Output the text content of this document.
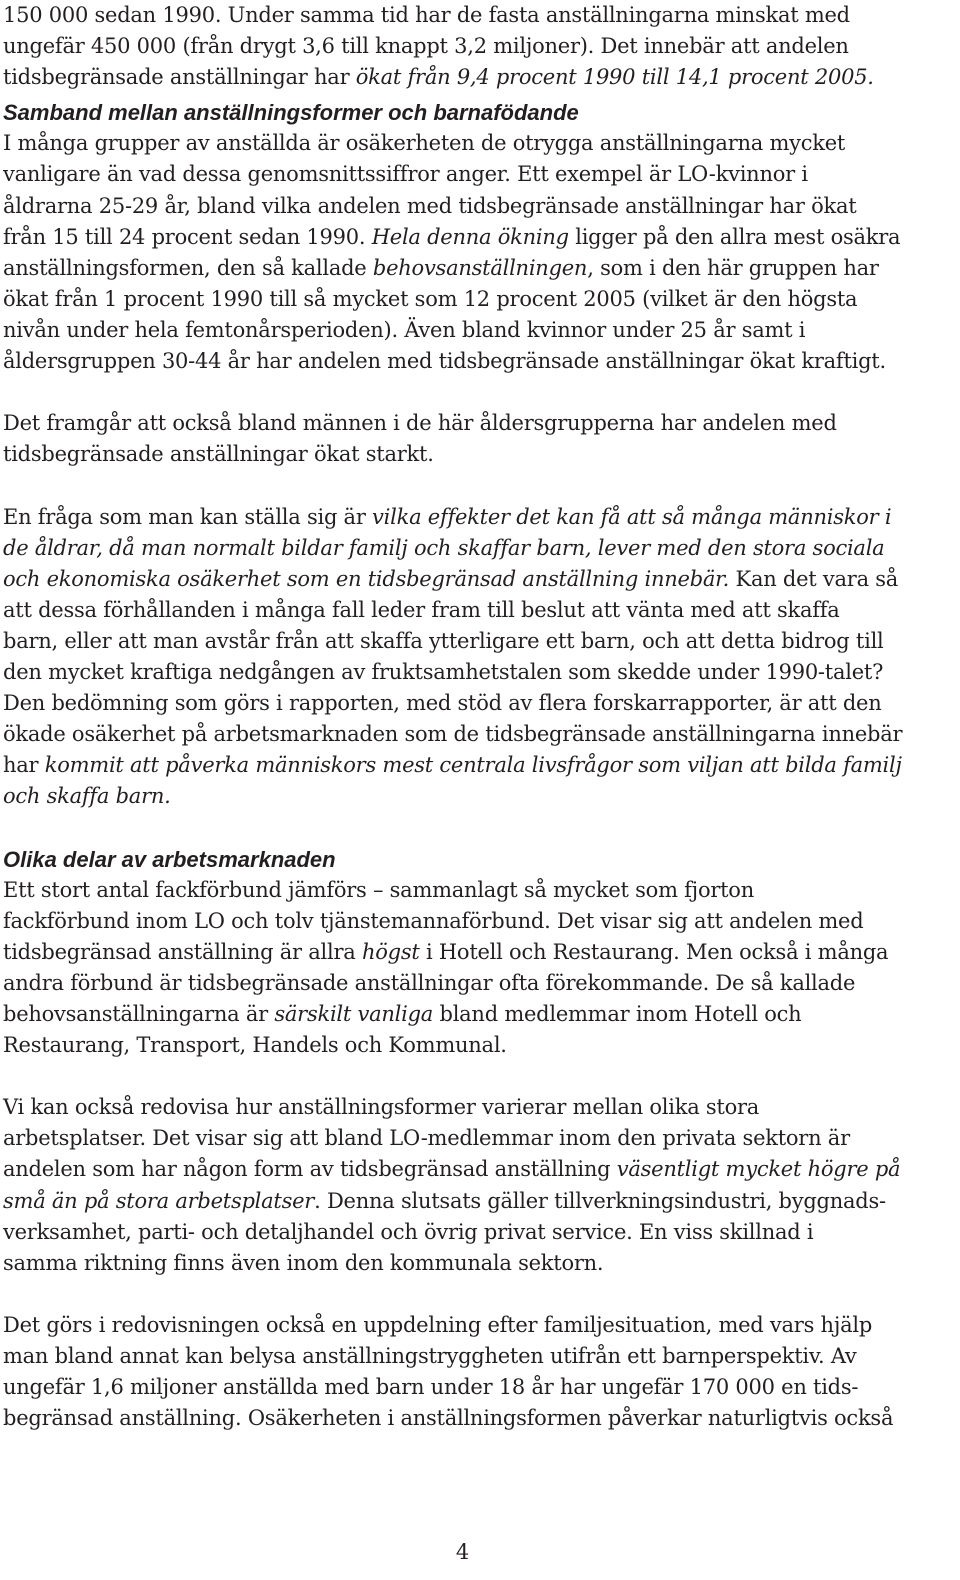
150 000 sedan 1990. Under samma tid har de fasta anställningarna minskat med
ungefär 450 000 (från drygt 3,6 till knappt 3,2 miljoner). Det innebär att andelen
tidsbegränsade anställningar har ökat från 9,4 procent 1990 till 14,1 procent 2005.
Samband mellan anställningsformer och barnafödande
I många grupper av anställda är osäkerheten de otrygga anställningarna mycket
vanligare än vad dessa genomsnittssiffror anger. Ett exempel är LO-kvinnor i
åldrarna 25-29 år, bland vilka andelen med tidsbegränsade anställningar har ökat
från 15 till 24 procent sedan 1990. Hela denna ökning ligger på den allra mest osäkra
anställningsformen, den så kallade behovsanställningen, som i den här gruppen har
ökat från 1 procent 1990 till så mycket som 12 procent 2005 (vilket är den högsta
nivån under hela femtonårsperioden). Även bland kvinnor under 25 år samt i
åldersgruppen 30-44 år har andelen med tidsbegränsade anställningar ökat kraftigt.
Det framgår att också bland männen i de här åldersgrupperna har andelen med
tidsbegränsade anställningar ökat starkt.
En fråga som man kan ställa sig är vilka effekter det kan få att så många människor i
de åldrar, då man normalt bildar familj och skaffar barn, lever med den stora sociala
och ekonomiska osäkerhet som en tidsbegränsad anställning innebär. Kan det vara så
att dessa förhållanden i många fall leder fram till beslut att vänta med att skaffa
barn, eller att man avstår från att skaffa ytterligare ett barn, och att detta bidrog till
den mycket kraftiga nedgången av fruktsamhetstalen som skedde under 1990-talet?
Den bedömning som görs i rapporten, med stöd av flera forskarrapporter, är att den
ökade osäkerhet på arbetsmarknaden som de tidsbegränsade anställningarna innebär
har kommit att påverka människors mest centrala livsfrågor som viljan att bilda familj
och skaffa barn.
Olika delar av arbetsmarknaden
Ett stort antal fackförbund jämförs – sammanlagt så mycket som fjorton
fackförbund inom LO och tolv tjänstemannaförbund. Det visar sig att andelen med
tidsbegränsad anställning är allra högst i Hotell och Restaurang. Men också i många
andra förbund är tidsbegränsade anställningar ofta förekommande. De så kallade
behovsanställningarna är särskilt vanliga bland medlemmar inom Hotell och
Restaurang, Transport, Handels och Kommunal.
Vi kan också redovisa hur anställningsformer varierar mellan olika stora
arbetsplatser. Det visar sig att bland LO-medlemmar inom den privata sektorn är
andelen som har någon form av tidsbegränsad anställning väsentligt mycket högre på
små än på stora arbetsplatser. Denna slutsats gäller tillverkningsindustri, byggnads-
verksamhet, parti- och detaljhandel och övrig privat service. En viss skillnad i
samma riktning finns även inom den kommunala sektorn.
Det görs i redovisningen också en uppdelning efter familjesituation, med vars hjälp
man bland annat kan belysa anställningstryggheten utifrån ett barnperspektiv. Av
ungefär 1,6 miljoner anställda med barn under 18 år har ungefär 170 000 en tids-
begränsad anställning. Osäkerheten i anställningsformen påverkar naturligtvis också
4
